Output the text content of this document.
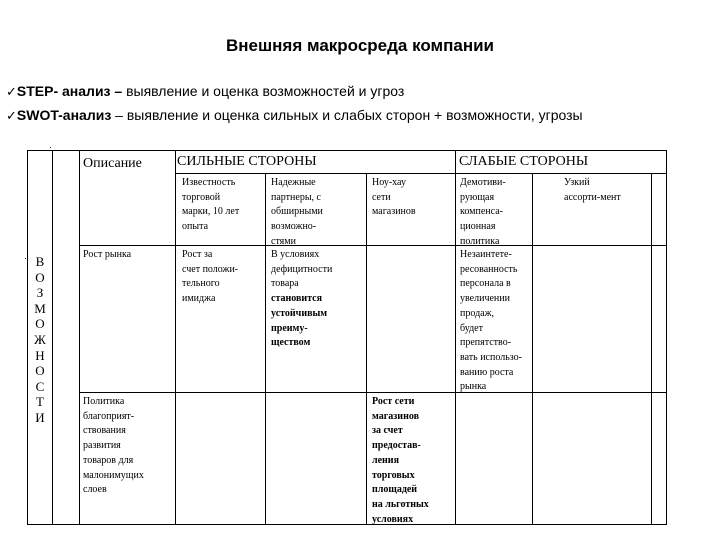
Внешняя макросреда компании
✓STEP- анализ – выявление и оценка возможностей и угроз
✓SWOT-анализ – выявление и оценка сильных и слабых сторон + возможности, угрозы
·
·
Описание	СИЛЬНЫЕ СТОРОНЫ	СЛАБЫЕ СТОРОНЫ
В
О
З
М
О
Ж
Н
О
С
Т
И
Рост рынка
Политика
благоприят-
ствования
развития
товаров для
малонимущих
слоев
Известность
торговой
марки, 10 лет
опыта
Надежные
партнеры, с
обширными
возможно-
стями
Ноу-хау
сети
магазинов
Демотиви-
рующая
компенса-
ционная
политика
Узкий
ассорти-мент
Рост за
счет положи-
тельного
имиджа
В условиях
дефицитности
товара
становится
устойчивым
преиму-
ществом
Незаинтете-
ресованность
персонала в
увеличении
продаж,
будет
препятство-
вать использо-
ванию роста
рынка
Рост сети
магазинов
за счет
предостав-
ления
торговых
площадей
на льготных
условиях
